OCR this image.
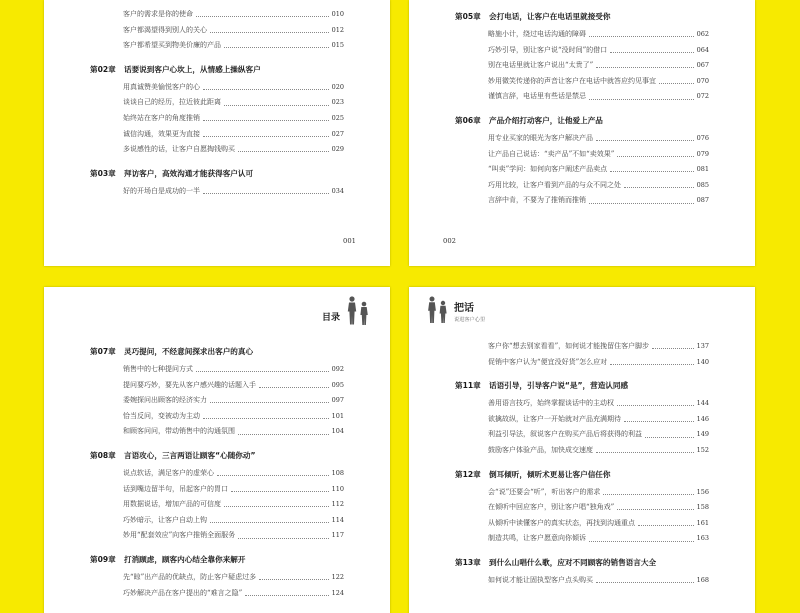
客户的需求是你的使命	010
客户都渴望得到别人的关心	012
客户都希望买到物美价廉的产品	015
第02章	话要说到客户心坎上，从情感上操纵客户
用真诚赞美愉悦客户的心	020
谈谈自己的经历，拉近彼此距离	023
始终站在客户的角度推销	025
诚信沟通，效果更为直接	027
多说感性的话，让客户自愿掏钱购买	029
第03章	拜访客户，高效沟通才能获得客户认可
好的开场白是成功的一半	034
001
第05章	会打电话，让客户在电话里就接受你
略施小计，绕过电话沟通的障碍	062
巧妙引导，别让客户说“没时间”的借口	064
别在电话里就让客户说出“太贵了”	067
妙用微笑传递你的声音让客户在电话中就答应约见事宜	070
谨慎言辞，电话里有些话是禁忌	072
第06章	产品介绍打动客户，让他爱上产品
用专业买家的眼光为客户解决产品	076
让产品自己说话：“卖产品”不如“卖效果”	079
“叫卖”学问：如何向客户阐述产品卖点	081
巧用比较，让客户看到产品的与众不同之处	085
言辞中肯，不要为了推销而推销	087
002
目录
第07章	灵巧提问，不经意间探求出客户的真心
销售中的七种提问方式	092
提问要巧妙，要先从客户感兴趣的话题入手	095
委婉探问出顾客的经济实力	097
恰当反问，变被动为主动	101
和顾客问问，带动销售中的沟通氛围	104
第08章	言语攻心，三言两语让顾客“心随你动”
说点软话，满足客户的虚荣心	108
话到嘴边留半句，吊起客户的胃口	110
用数据说话，增加产品的可信度	112
巧妙暗示，让客户自动上钩	114
妙用“配套效应”向客户推销全面服务	117
第09章	打消顾虑，顾客内心结全靠你来解开
先“晾”出产品的优缺点，防止客户疑虑过多	122
巧妙解决产品在客户提出的“难言之隐”	124
把话
说进客户心里
客户你“想去别家看看”，如何说才能挽留住客户脚步	137
促销中客户认为“便宜没好货”怎么应对	140
第11章	话语引导，引导客户说“是”，营造认同感
善用语言技巧，始终掌握谈话中的主动权	144
欲擒故纵，让客户一开始就对产品充满期待	146
利益引导法，叙说客户在购买产品后将获得的利益	149
鼓励客户体验产品，加快成交速度	152
第12章	倒耳倾听，倾听术更易让客户信任你
会“说”还要会“听”，听出客户的需求	156
在倾听中回应客户，别让客户唱“独角戏”	158
从倾听中读懂客户的真实状态，再找到沟通重点	161
制造共鸣，让客户愿意向你倾诉	163
第13章	到什么山唱什么歌，应对不同顾客的销售语言大全
如何说才能让固执型客户点头购买	168
